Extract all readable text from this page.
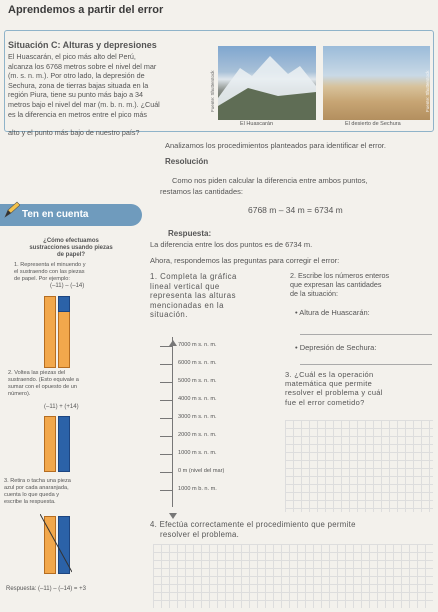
Aprendemos a partir del error
Situación C: Alturas y depresiones
El Huascarán, el pico más alto del Perú,
alcanza los 6768 metros sobre el nivel del mar
(m. s. n. m.). Por otro lado, la depresión de
Sechura, zona de tierras bajas situada en la
región Piura, tiene su punto más bajo a 34
metros bajo el nivel del mar (m. b. n. m.). ¿Cuál
es la diferencia en metros entre el pico más
alto y el punto más bajo de nuestro país?
Fuente: Shutterstock	Fuente: Shutterstock
El Huascarán	El desierto de Sechura
Analizamos los procedimientos planteados para identificar el error.
Resolución
Como nos piden calcular la diferencia entre ambos puntos,
restamos las cantidades:
6768 m – 34 m = 6734 m
Respuesta:
La diferencia entre los dos puntos es de 6734 m.
Ahora, respondemos las preguntas para corregir el error:
Ten en cuenta
¿Cómo efectuamos
sustracciones usando piezas
de papel?
1. Representa el minuendo y
el sustraendo con las piezas
de papel. Por ejemplo:
(–11) – (–14)
2. Voltea las piezas del
sustraendo. (Esto equivale a
sumar con el opuesto de un
número).
(–11) + (+14)
3. Retira o tacha una pieza
azul por cada anaranjada,
cuenta lo que queda y
escribe la respuesta.
Respuesta: (–11) – (–14) = +3
1. Completa la gráfica
lineal vertical que
representa las alturas
mencionadas en la
situación.
2. Escribe los números enteros
que expresan las cantidades
de la situación:
• Altura de Huascarán:
• Depresión de Sechura:
3. ¿Cuál es la operación
matemática que permite
resolver el problema y cuál
fue el error cometido?
7000 m s. n. m.
6000 m s. n. m.
5000 m s. n. m.
4000 m s. n. m.
3000 m s. n. m.
2000 m s. n. m.
1000 m s. n. m.
0 m (nivel del mar)
1000 m b. n. m.
4. Efectúa correctamente el procedimiento que permite
resolver el problema.
